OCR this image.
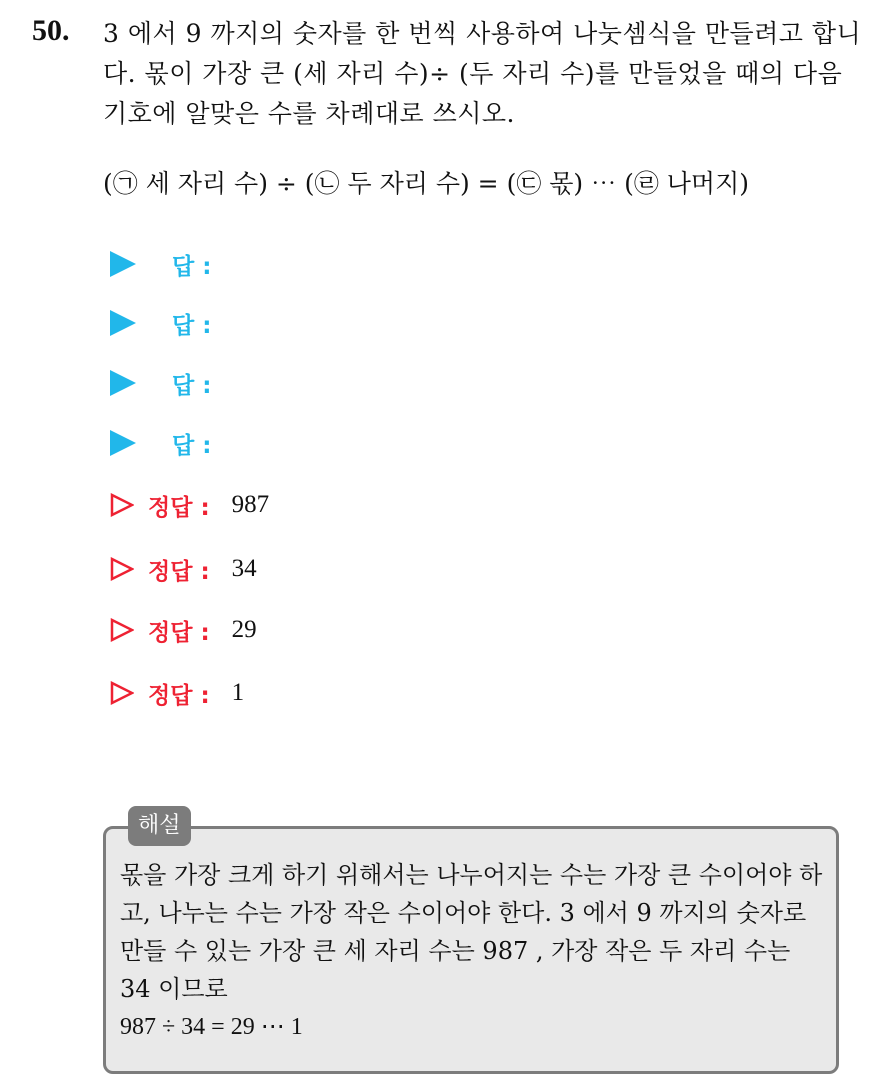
50. 3 에서 9 까지의 숫자를 한 번씩 사용하여 나눗셈식을 만들려고 합니다. 몫이 가장 큰 (세 자리 수)÷ (두 자리 수)를 만들었을 때의 다음 기호에 알맞은 수를 차례대로 쓰시오.
(㉠ 세 자리 수) ÷ (㉡ 두 자리 수) = (㉢ 몫) ⋯ (㉣ 나머지)
답 :
답 :
답 :
답 :
정답 : 987
정답 : 34
정답 : 29
정답 : 1
해설
몫을 가장 크게 하기 위해서는 나누어지는 수는 가장 큰 수이어야 하고, 나누는 수는 가장 작은 수이어야 한다. 3 에서 9 까지의 숫자로 만들 수 있는 가장 큰 세 자리 수는 987 , 가장 작은 두 자리 수는 34 이므로
987 ÷ 34 = 29 ⋯ 1
